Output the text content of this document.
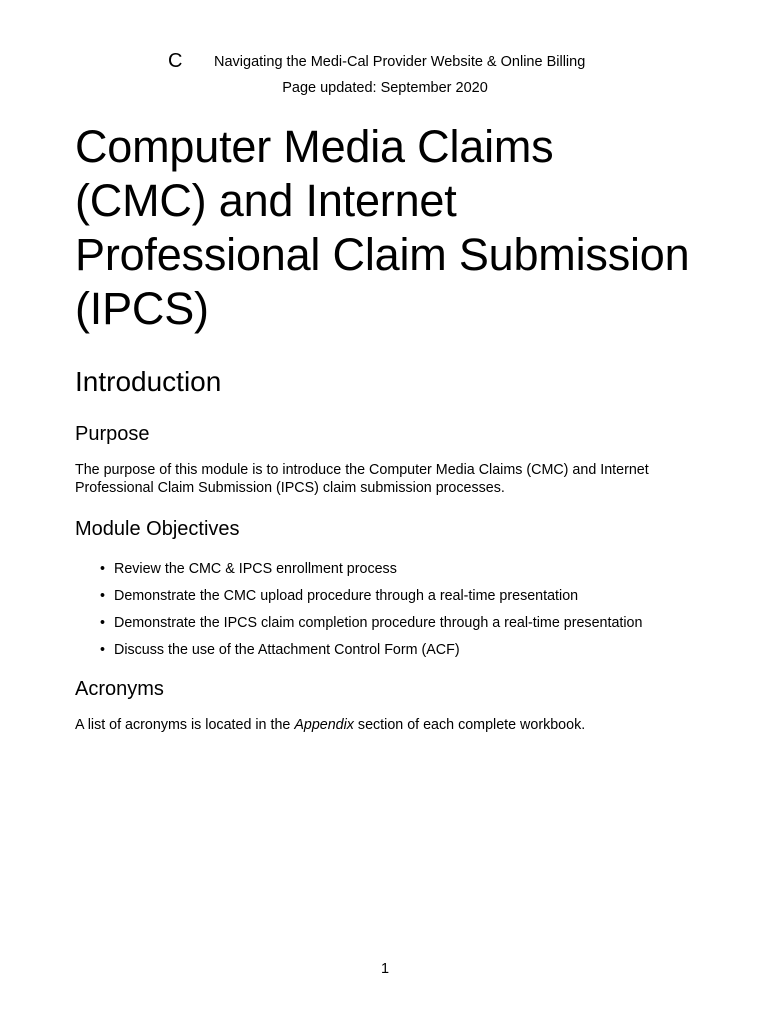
C Navigating the Medi-Cal Provider Website & Online Billing
Page updated: September 2020
Computer Media Claims (CMC) and Internet Professional Claim Submission (IPCS)
Introduction
Purpose

The purpose of this module is to introduce the Computer Media Claims (CMC) and Internet Professional Claim Submission (IPCS) claim submission processes.

Module Objectives
• Review the CMC & IPCS enrollment process
• Demonstrate the CMC upload procedure through a real-time presentation
• Demonstrate the IPCS claim completion procedure through a real-time presentation
• Discuss the use of the Attachment Control Form (ACF)
Acronyms

A list of acronyms is located in the Appendix section of each complete workbook.

1
